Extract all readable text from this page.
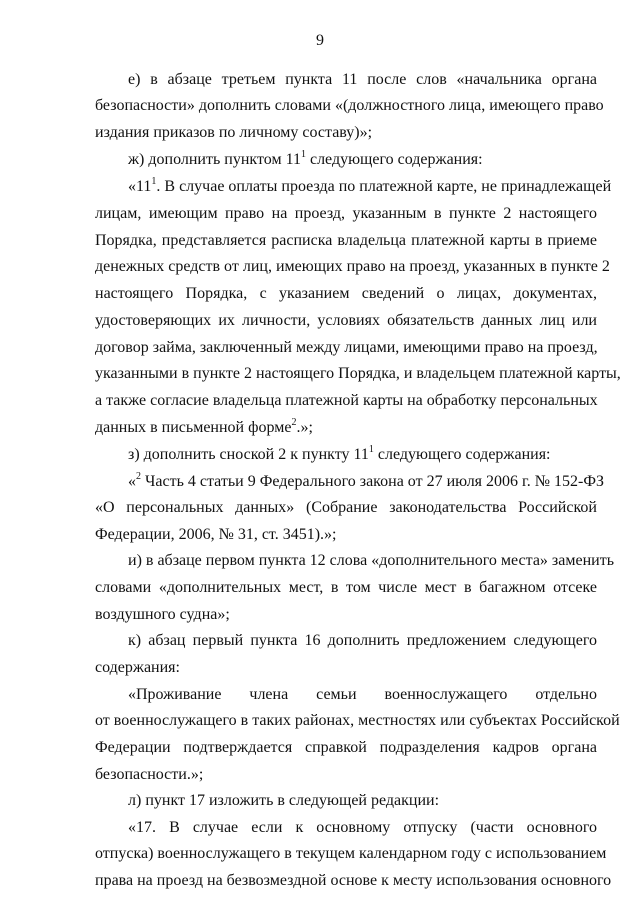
9
е) в абзаце третьем пункта 11 после слов «начальника органа
безопасности» дополнить словами «(должностного лица, имеющего право
издания приказов по личному составу)»;
ж) дополнить пунктом $11^1$ следующего содержания:
«$11^1$. В случае оплаты проезда по платежной карте, не принадлежащей
лицам, имеющим право на проезд, указанным в пункте 2 настоящего
Порядка, представляется расписка владельца платежной карты в приеме
денежных средств от лиц, имеющих право на проезд, указанных в пункте 2
настоящего Порядка, с указанием сведений о лицах, документах,
удостоверяющих их личности, условиях обязательств данных лиц или
договор займа, заключенный между лицами, имеющими право на проезд,
указанными в пункте 2 настоящего Порядка, и владельцем платежной карты,
а также согласие владельца платежной карты на обработку персональных
данных в письменной форме$^2$.»;
з) дополнить сноской 2 к пункту $11^1$ следующего содержания:
«$^2$ Часть 4 статьи 9 Федерального закона от 27 июля 2006 г. № 152-ФЗ
«О персональных данных» (Собрание законодательства Российской
Федерации, 2006, № 31, ст. 3451).»;
и) в абзаце первом пункта 12 слова «дополнительного места» заменить
словами «дополнительных мест, в том числе мест в багажном отсеке
воздушного судна»;
к) абзац первый пункта 16 дополнить предложением следующего
содержания:
«Проживание члена семьи военнослужащего отдельно
от военнослужащего в таких районах, местностях или субъектах Российской
Федерации подтверждается справкой подразделения кадров органа
безопасности.»;
л) пункт 17 изложить в следующей редакции:
«17. В случае если к основному отпуску (части основного
отпуска) военнослужащего в текущем календарном году с использованием
права на проезд на безвозмездной основе к месту использования основного
